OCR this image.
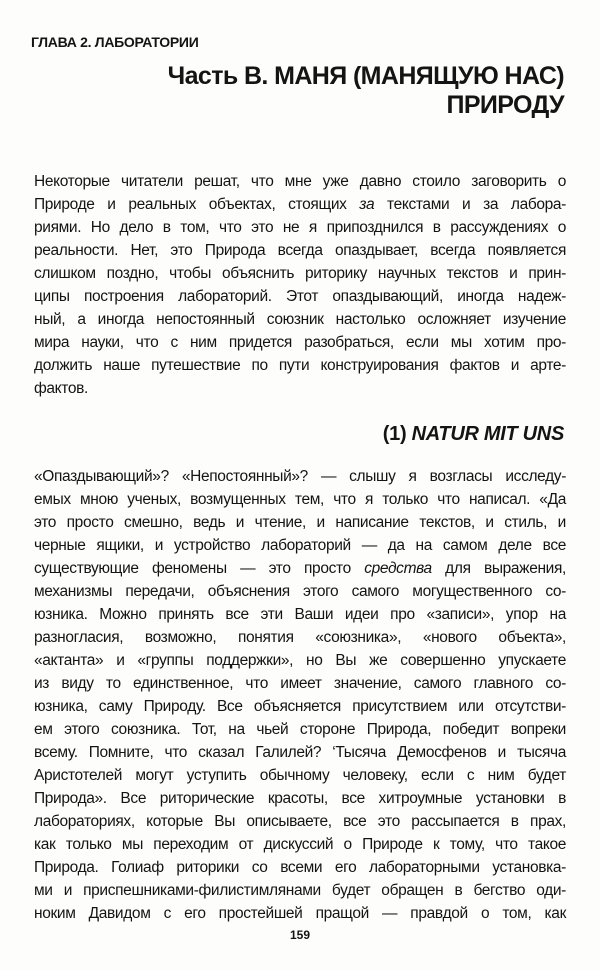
ГЛАВА 2. ЛАБОРАТОРИИ
Часть B. МАНЯ (МАНЯЩУЮ НАС)
ПРИРОДУ
Некоторые читатели решат, что мне уже давно стоило заговорить о
Природе и реальных объектах, стоящих за текстами и за лабора-
риями. Но дело в том, что это не я припозднился в рассуждениях о
реальности. Нет, это Природа всегда опаздывает, всегда появляется
слишком поздно, чтобы объяснить риторику научных текстов и прин-
ципы построения лабораторий. Этот опаздывающий, иногда надеж-
ный, а иногда непостоянный союзник настолько осложняет изучение
мира науки, что с ним придется разобраться, если мы хотим про-
должить наше путешествие по пути конструирования фактов и арте-
фактов.
(1) NATUR MIT UNS
«Опаздывающий»? «Непостоянный»? — слышу я возгласы исследу-
емых мною ученых, возмущенных тем, что я только что написал. «Да
это просто смешно, ведь и чтение, и написание текстов, и стиль, и
черные ящики, и устройство лабораторий — да на самом деле все
существующие феномены — это просто средства для выражения,
механизмы передачи, объяснения этого самого могущественного со-
юзника. Можно принять все эти Ваши идеи про «записи», упор на
разногласия, возможно, понятия «союзника», «нового объекта»,
«актанта» и «группы поддержки», но Вы же совершенно упускаете
из виду то единственное, что имеет значение, самого главного со-
юзника, саму Природу. Все объясняется присутствием или отсутстви-
ем этого союзника. Тот, на чьей стороне Природа, победит вопреки
всему. Помните, что сказал Галилей? ‘Тысяча Демосфенов и тысяча
Аристотелей могут уступить обычному человеку, если с ним будет
Природа». Все риторические красоты, все хитроумные установки в
лабораториях, которые Вы описываете, все это рассыпается в прах,
как только мы переходим от дискуссий о Природе к тому, что такое
Природа. Голиаф риторики со всеми его лабораторными установка-
ми и приспешниками-филистимлянами будет обращен в бегство оди-
ноким Давидом с его простейшей пращой — правдой о том, как
159
